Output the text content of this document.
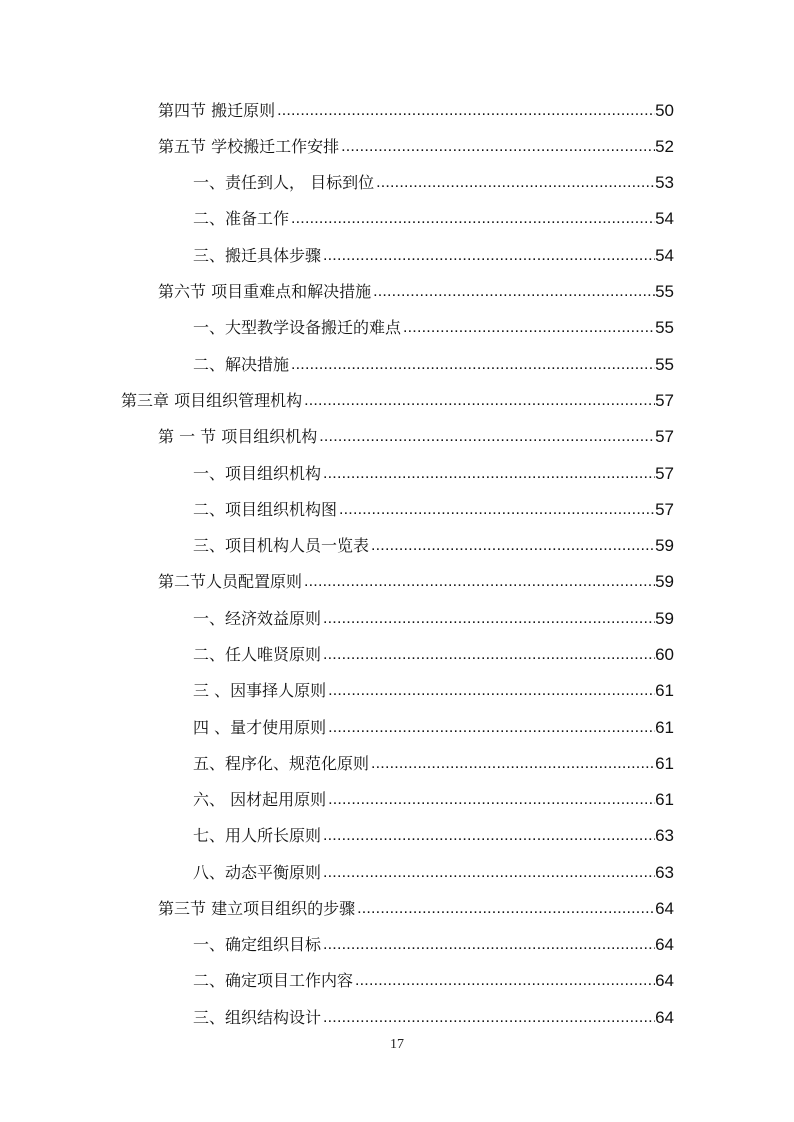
第四节 搬迁原则 .....	50
第五节 学校搬迁工作安排 .....	52
一、责任到人， 目标到位 .....	53
二、准备工作 .....	54
三、搬迁具体步骤 .....	54
第六节 项目重难点和解决措施 .....	55
一、大型教学设备搬迁的难点 .....	55
二、解决措施 .....	55
第三章 项目组织管理机构 .....	57
第 一 节 项目组织机构 .....	57
一、项目组织机构 .....	57
二、项目组织机构图 .....	57
三、项目机构人员一览表 .....	59
第二节人员配置原则 .....	59
一、经济效益原则 .....	59
二、任人唯贤原则 .....	60
三 、因事择人原则 .....	61
四 、量才使用原则 .....	61
五、程序化、规范化原则 .....	61
六、 因材起用原则 .....	61
七、用人所长原则 .....	63
八、动态平衡原则 .....	63
第三节 建立项目组织的步骤 .....	64
一、确定组织目标 .....	64
二、确定项目工作内容 .....	64
三、组织结构设计 .....	64
17
